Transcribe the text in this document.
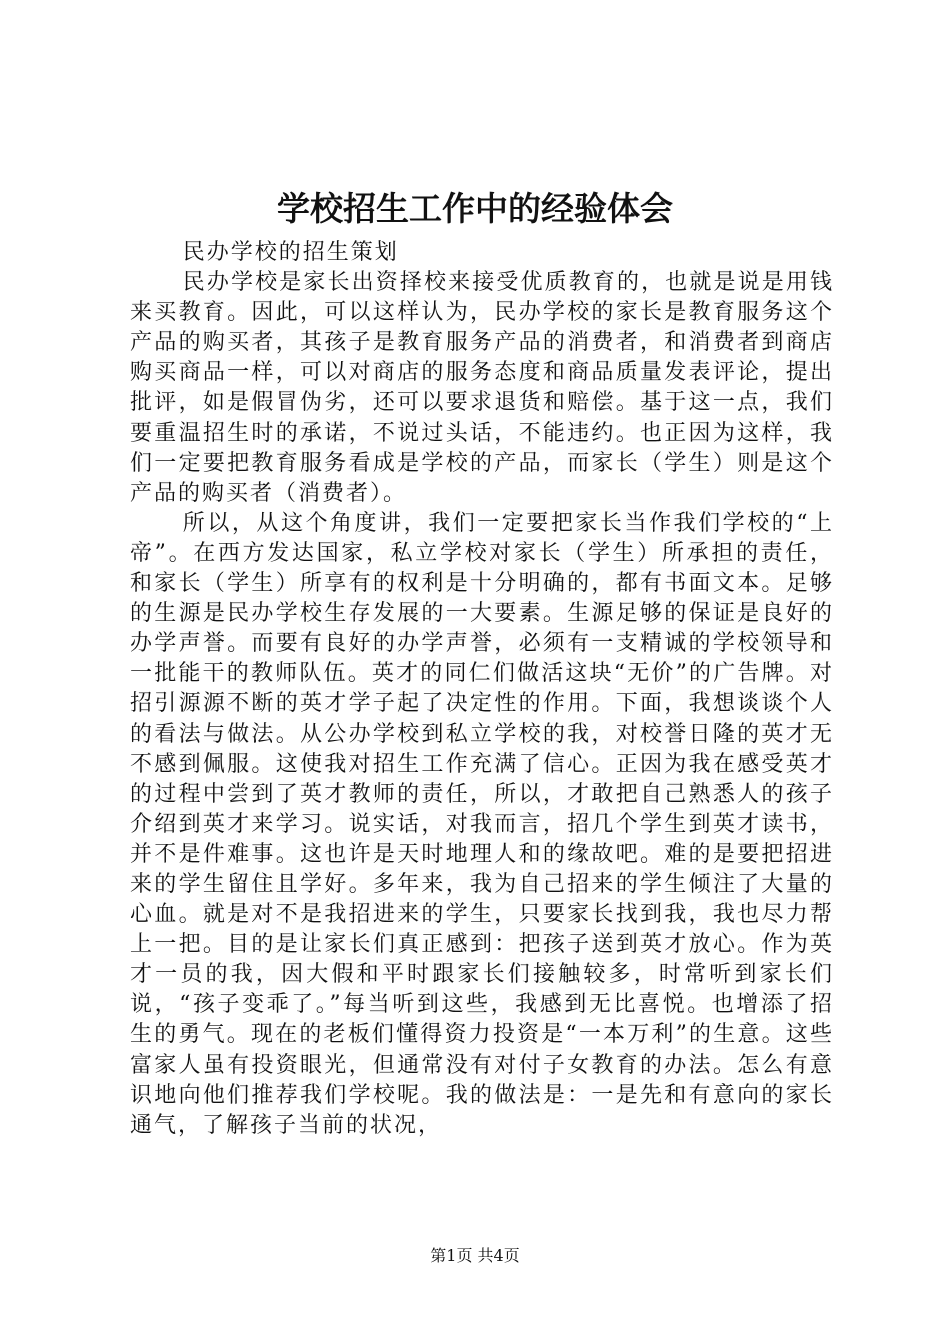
学校招生工作中的经验体会

民办学校的招生策划

民办学校是家长出资择校来接受优质教育的，也就是说是用钱来买教育。因此，可以这样认为，民办学校的家长是教育服务这个产品的购买者，其孩子是教育服务产品的消费者，和消费者到商店购买商品一样，可以对商店的服务态度和商品质量发表评论，提出批评，如是假冒伪劣，还可以要求退货和赔偿。基于这一点，我们要重温招生时的承诺，不说过头话，不能违约。也正因为这样，我们一定要把教育服务看成是学校的产品，而家长（学生）则是这个产品的购买者（消费者）。

所以，从这个角度讲，我们一定要把家长当作我们学校的“上帝”。在西方发达国家，私立学校对家长（学生）所承担的责任，和家长（学生）所享有的权利是十分明确的，都有书面文本。足够的生源是民办学校生存发展的一大要素。生源足够的保证是良好的办学声誉。而要有良好的办学声誉，必须有一支精诚的学校领导和一批能干的教师队伍。英才的同仁们做活这块“无价”的广告牌。对招引源源不断的英才学子起了决定性的作用。下面，我想谈谈个人的看法与做法。从公办学校到私立学校的我，对校誉日隆的英才无不感到佩服。这使我对招生工作充满了信心。正因为我在感受英才的过程中尝到了英才教师的责任，所以，才敢把自己熟悉人的孩子介绍到英才来学习。说实话，对我而言，招几个学生到英才读书，并不是件难事。这也许是天时地理人和的缘故吧。难的是要把招进来的学生留住且学好。多年来，我为自己招来的学生倾注了大量的心血。就是对不是我招进来的学生，只要家长找到我，我也尽力帮上一把。目的是让家长们真正感到：把孩子送到英才放心。作为英才一员的我，因大假和平时跟家长们接触较多，时常听到家长们说，“孩子变乖了。”每当听到这些，我感到无比喜悦。也增添了招生的勇气。现在的老板们懂得资力投资是“一本万利”的生意。这些富家人虽有投资眼光，但通常没有对付子女教育的办法。怎么有意识地向他们推荐我们学校呢。我的做法是：一是先和有意向的家长通气，了解孩子当前的状况，

第1页 共4页
